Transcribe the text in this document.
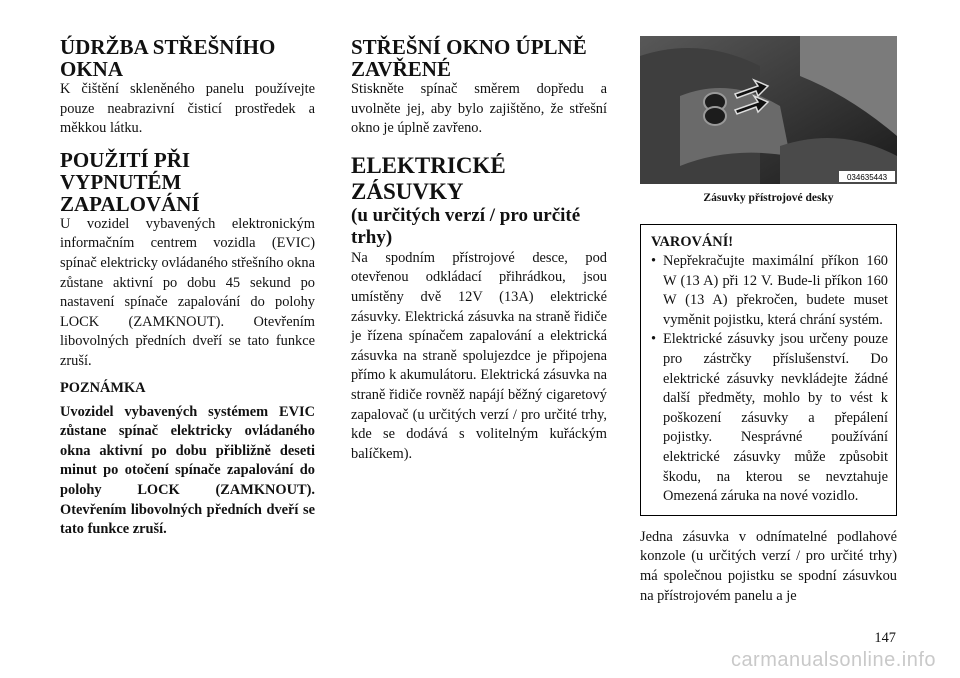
ÚDRŽBA STŘEŠNÍHO OKNA

K čištění skleněného panelu používejte pouze neabrazivní čisticí prostředek a měkkou látku.

POUŽITÍ PŘI VYPNUTÉM ZAPALOVÁNÍ

U vozidel vybavených elektronickým informačním centrem vozidla (EVIC) spínač elektricky ovládaného střešního okna zůstane aktivní po dobu 45 sekund po nastavení spínače zapalování do polohy LOCK (ZAMKNOUT). Otevřením libovolných předních dveří se tato funkce zruší.

POZNÁMKA
Uvozidel vybavených systémem EVIC zůstane spínač elektricky ovládaného okna aktivní po dobu přibližně deseti minut po otočení spínače zapalování do polohy LOCK (ZAMKNOUT). Otevřením libovolných předních dveří se tato funkce zruší.
STŘEŠNÍ OKNO ÚPLNĚ ZAVŘENÉ

Stiskněte spínač směrem dopředu a uvolněte jej, aby bylo zajištěno, že střešní okno je úplně zavřeno.

ELEKTRICKÉ ZÁSUVKY
(u určitých verzí / pro určité trhy)

Na spodním přístrojové desce, pod otevřenou odkládací přihrádkou, jsou umístěny dvě 12V (13A) elektrické zásuvky. Elektrická zásuvka na straně řidiče je řízena spínačem zapalování a elektrická zásuvka na straně spolujezdce je připojena přímo k akumulátoru. Elektrická zásuvka na straně řidiče rovněž napájí běžný cigaretový zapalovač (u určitých verzí / pro určité trhy, kde se dodává s volitelným kuřáckým balíčkem).

034635443
Zásuvky přístrojové desky
VAROVÁNÍ!
• Nepřekračujte maximální příkon 160 W (13 A) při 12 V. Bude-li příkon 160 W (13 A) překročen, budete muset vyměnit pojistku, která chrání systém.
• Elektrické zásuvky jsou určeny pouze pro zástrčky příslušenství. Do elektrické zásuvky nevkládejte žádné další předměty, mohlo by to vést k poškození zásuvky a přepálení pojistky. Nesprávné používání elektrické zásuvky může způsobit škodu, na kterou se nevztahuje Omezená záruka na nové vozidlo.

Jedna zásuvka v odnímatelné podlahové konzole (u určitých verzí / pro určité trhy) má společnou pojistku se spodní zásuvkou na přístrojovém panelu a je

147
carmanualsonline.info
